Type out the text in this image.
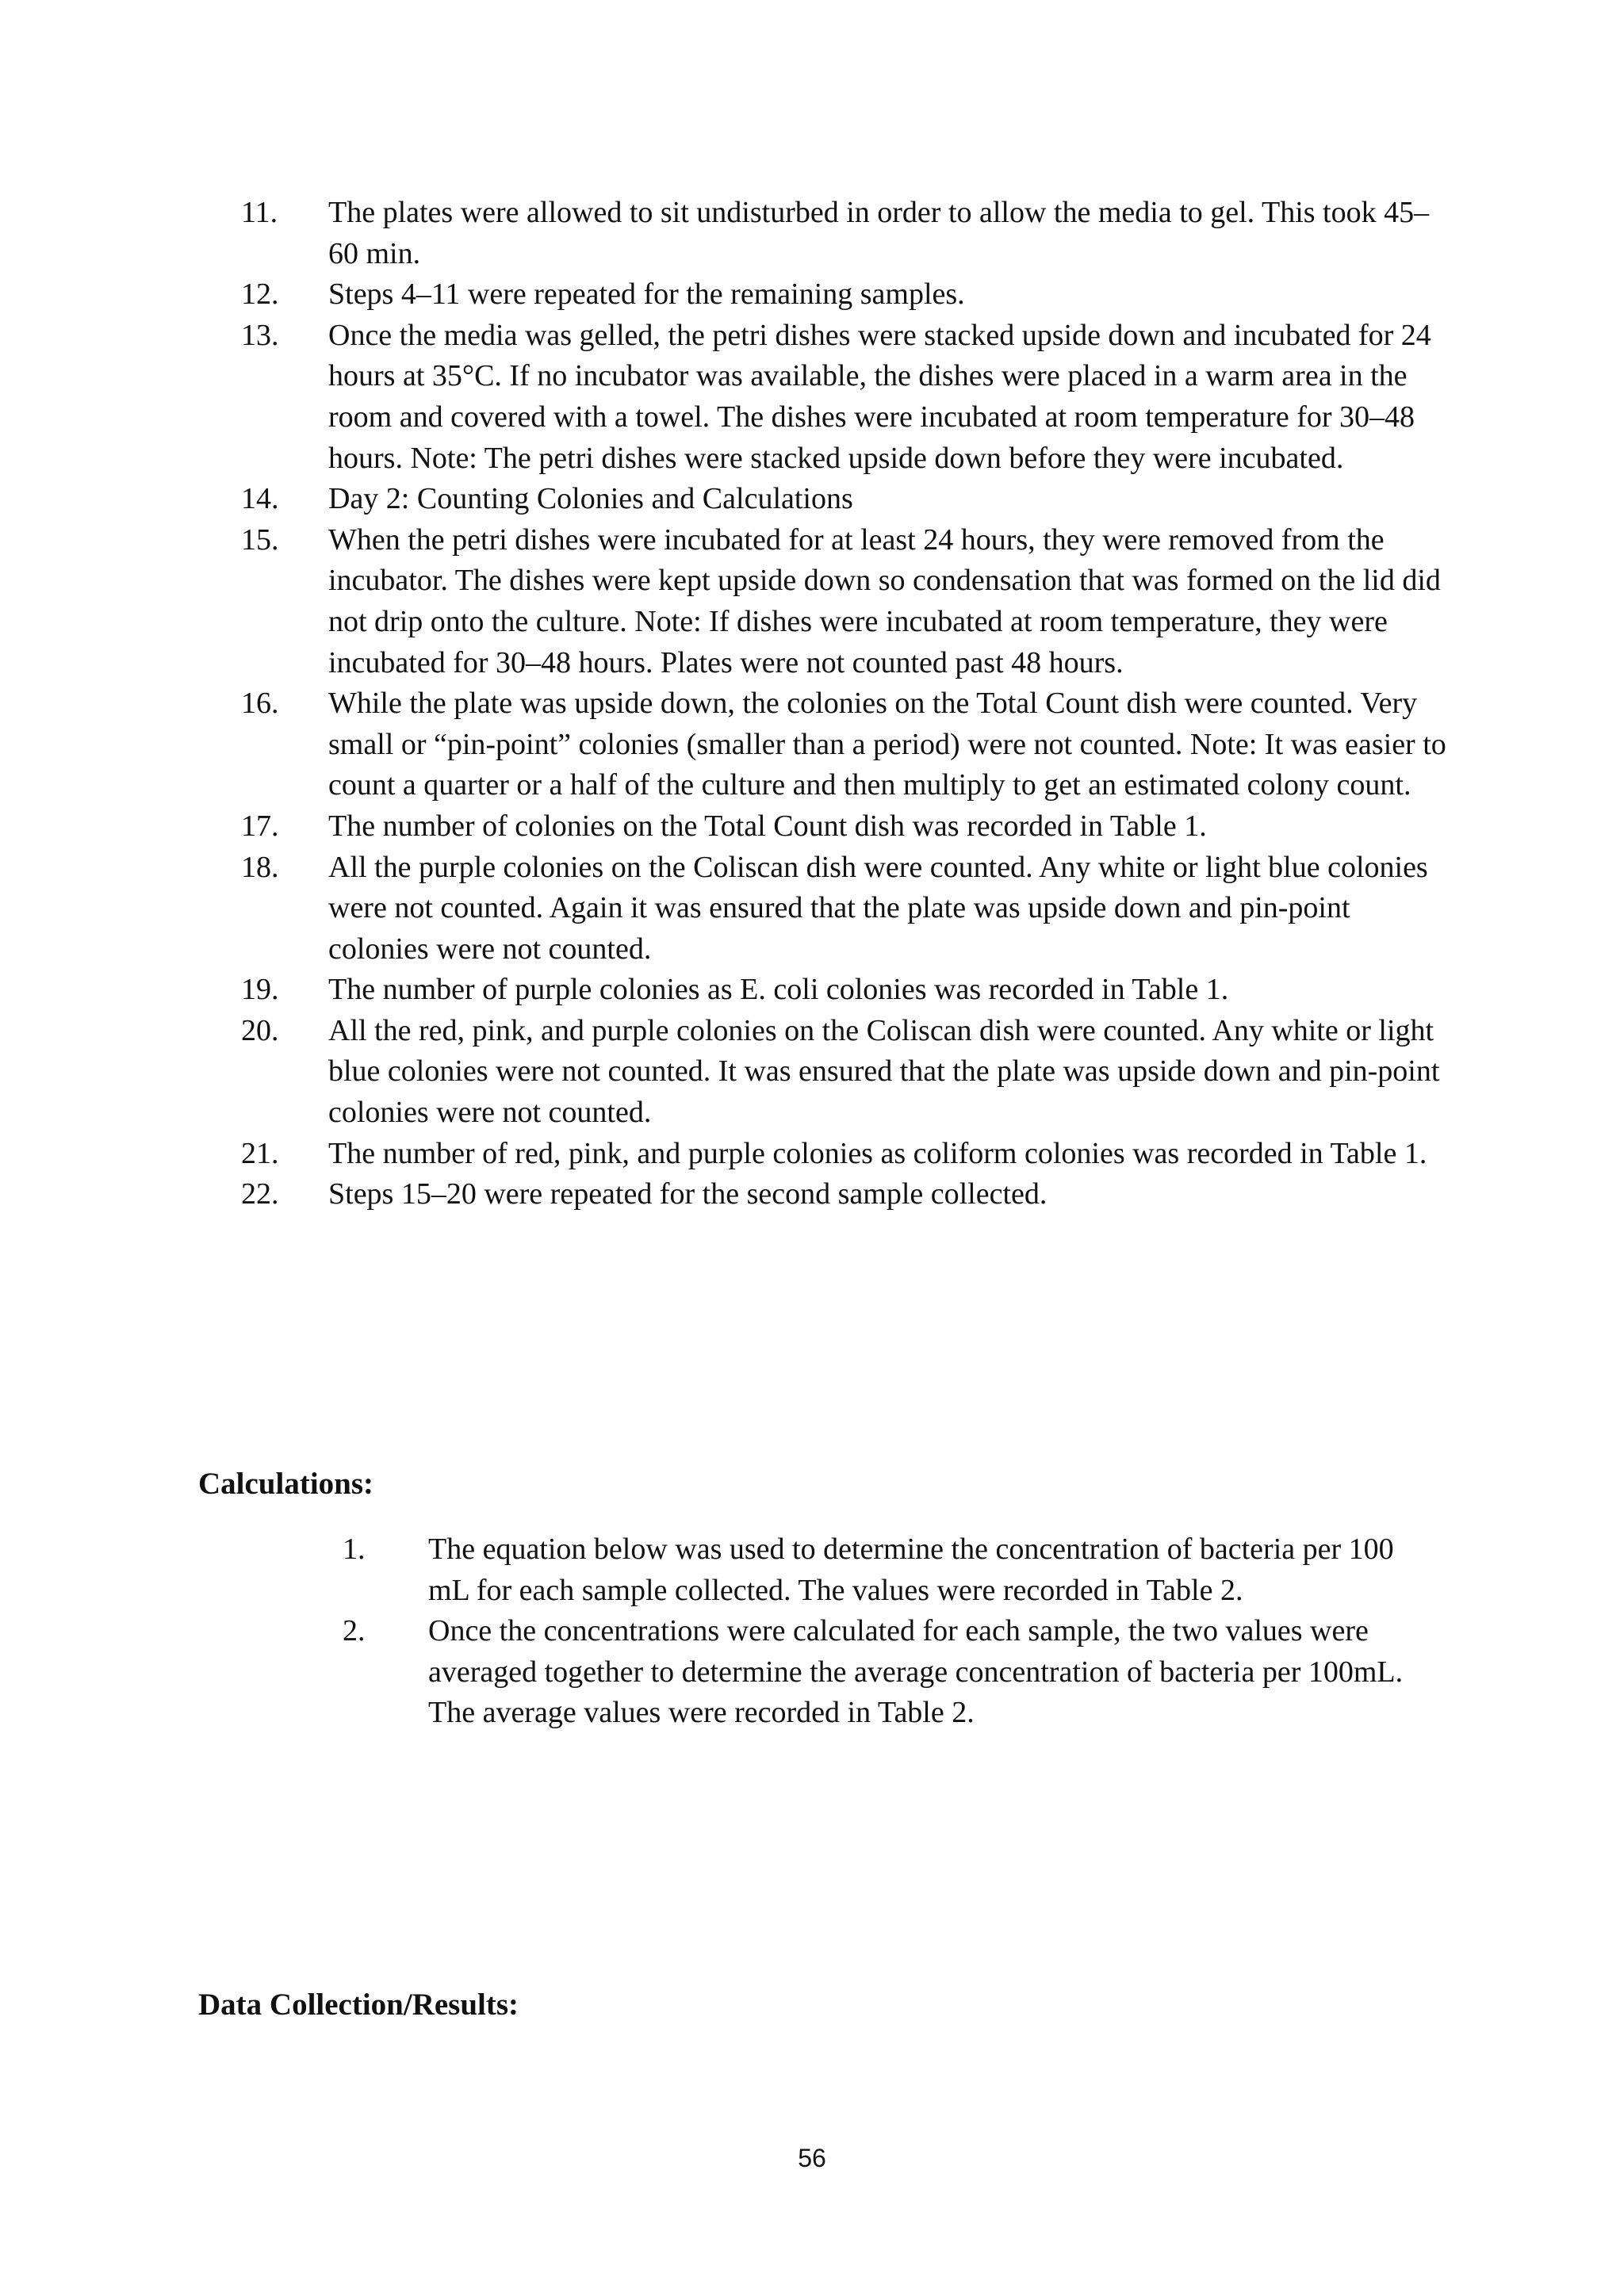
11.	The plates were allowed to sit undisturbed in order to allow the media to gel. This took 45–60 min.
12.	Steps 4–11 were repeated for the remaining samples.
13.	Once the media was gelled, the petri dishes were stacked upside down and incubated for 24 hours at 35°C. If no incubator was available, the dishes were placed in a warm area in the room and covered with a towel. The dishes were incubated at room temperature for 30–48 hours. Note: The petri dishes were stacked upside down before they were incubated.
14.	Day 2: Counting Colonies and Calculations
15.	When the petri dishes were incubated for at least 24 hours, they were removed from the incubator. The dishes were kept upside down so condensation that was formed on the lid did not drip onto the culture. Note: If dishes were incubated at room temperature, they were incubated for 30–48 hours. Plates were not counted past 48 hours.
16.	While the plate was upside down, the colonies on the Total Count dish were counted. Very small or “pin-point” colonies (smaller than a period) were not counted. Note: It was easier to count a quarter or a half of the culture and then multiply to get an estimated colony count.
17.	The number of colonies on the Total Count dish was recorded in Table 1.
18.	All the purple colonies on the Coliscan dish were counted. Any white or light blue colonies were not counted. Again it was ensured that the plate was upside down and pin-point colonies were not counted.
19.	The number of purple colonies as E. coli colonies was recorded in Table 1.
20.	All the red, pink, and purple colonies on the Coliscan dish were counted. Any white or light blue colonies were not counted. It was ensured that the plate was upside down and pin-point colonies were not counted.
21.	The number of red, pink, and purple colonies as coliform colonies was recorded in Table 1.
22.	Steps 15–20 were repeated for the second sample collected.
Calculations:
1.	The equation below was used to determine the concentration of bacteria per 100 mL for each sample collected. The values were recorded in Table 2.
2.	Once the concentrations were calculated for each sample, the two values were averaged together to determine the average concentration of bacteria per 100mL. The average values were recorded in Table 2.
Data Collection/Results:
56
